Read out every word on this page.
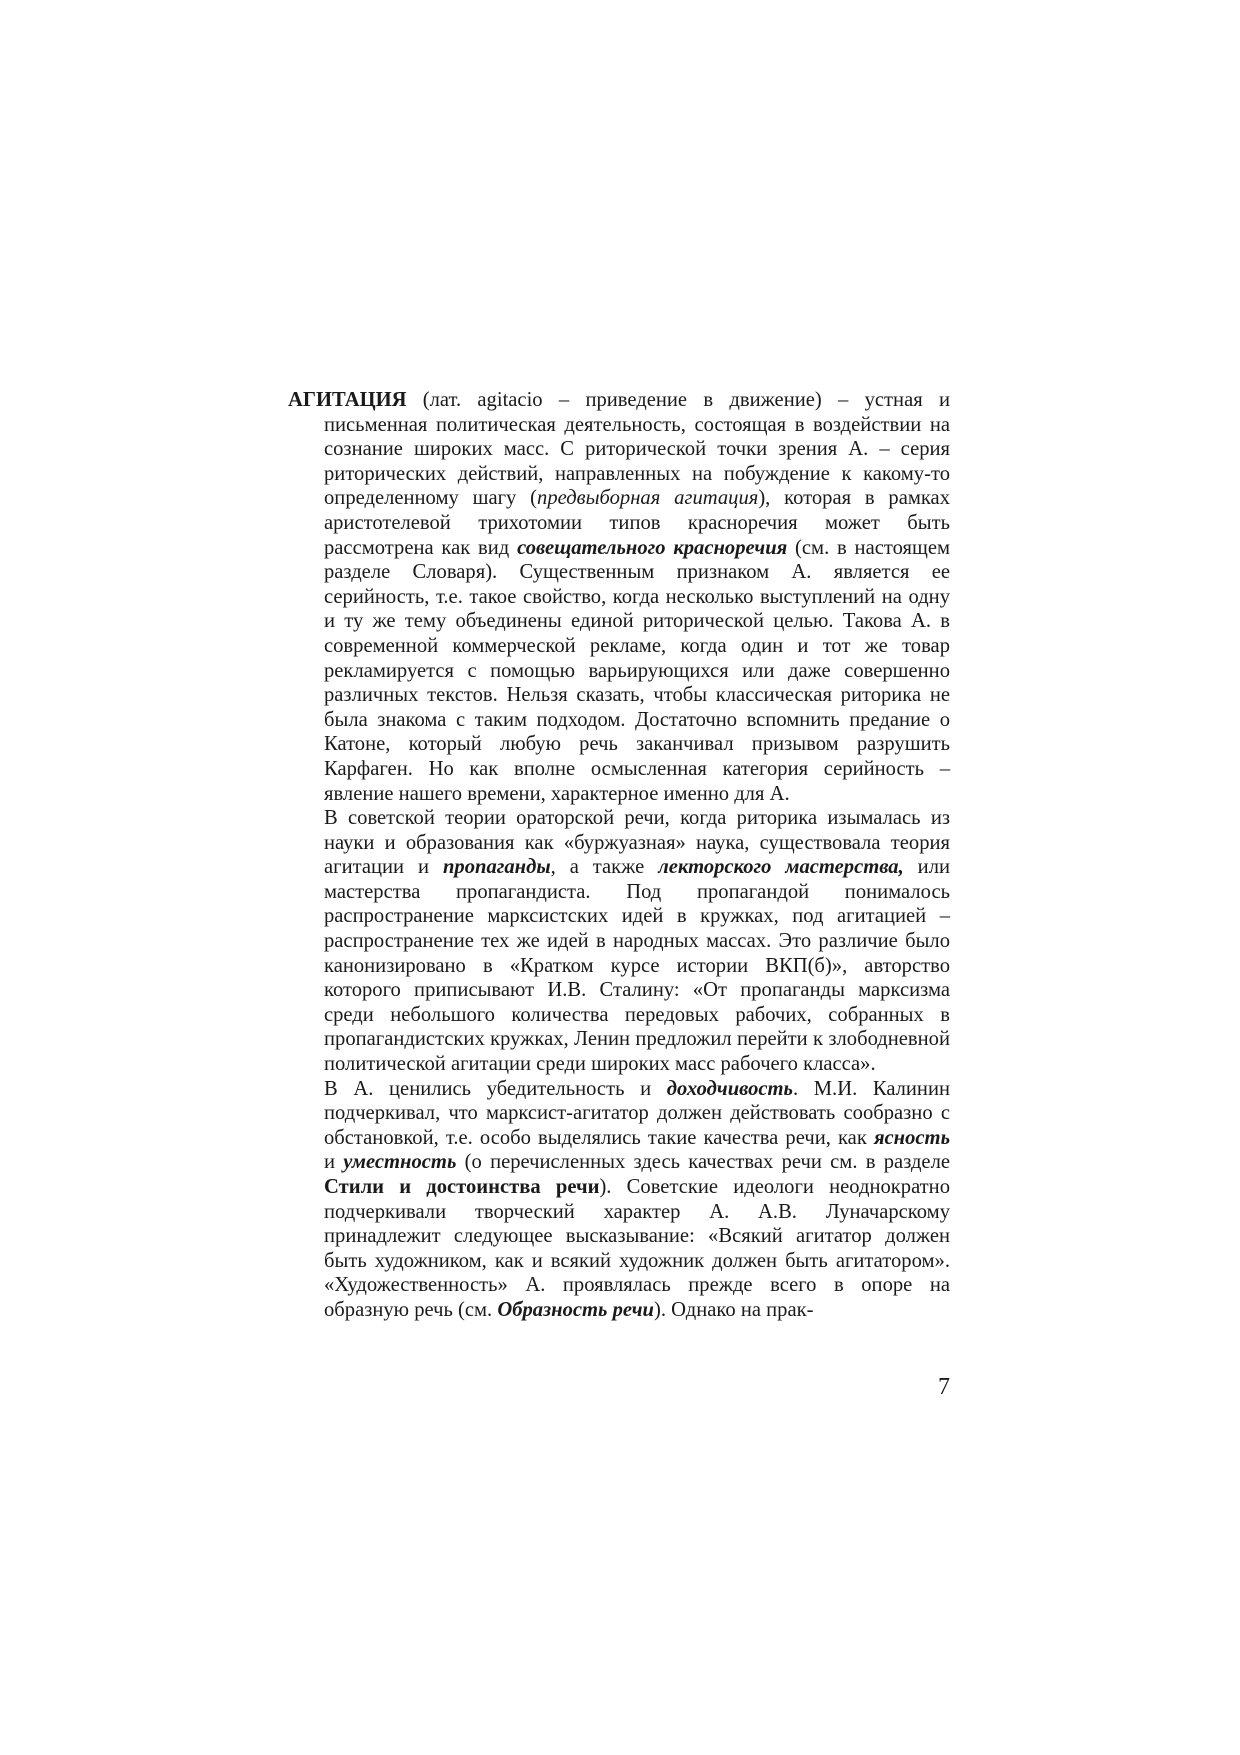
АГИТАЦИЯ (лат. agitacio – приведение в движение) – устная и письменная политическая деятельность, состоящая в воздействии на сознание широких масс. С риторической точки зрения А. – серия риторических действий, направленных на побуждение к какому-то определенному шагу (предвыборная агитация), которая в рамках аристотелевой трихотомии типов красноречия может быть рассмотрена как вид совещательного красноречия (см. в настоящем разделе Словаря). Существенным признаком А. является ее серийность, т.е. такое свойство, когда несколько выступлений на одну и ту же тему объединены единой риторической целью. Такова А. в современной коммерческой рекламе, когда один и тот же товар рекламируется с помощью варьирующихся или даже совершенно различных текстов. Нельзя сказать, чтобы классическая риторика не была знакома с таким подходом. Достаточно вспомнить предание о Катоне, который любую речь заканчивал призывом разрушить Карфаген. Но как вполне осмысленная категория серийность – явление нашего времени, характерное именно для А.

В советской теории ораторской речи, когда риторика изымалась из науки и образования как «буржуазная» наука, существовала теория агитации и пропаганды, а также лекторского мастерства, или мастерства пропагандиста. Под пропагандой понималось распространение марксистских идей в кружках, под агитацией – распространение тех же идей в народных массах. Это различие было канонизировано в «Кратком курсе истории ВКП(б)», авторство которого приписывают И.В. Сталину: «От пропаганды марксизма среди небольшого количества передовых рабочих, собранных в пропагандистских кружках, Ленин предложил перейти к злободневной политической агитации среди широких масс рабочего класса».

В А. ценились убедительность и доходчивость. М.И. Калинин подчеркивал, что марксист-агитатор должен действовать сообразно с обстановкой, т.е. особо выделялись такие качества речи, как ясность и уместность (о перечисленных здесь качествах речи см. в разделе Стили и достоинства речи). Советские идеологи неоднократно подчеркивали творческий характер А. А.В. Луначарскому принадлежит следующее высказывание: «Всякий агитатор должен быть художником, как и всякий художник должен быть агитатором». «Художественность» А. проявлялась прежде всего в опоре на образную речь (см. Образность речи). Однако на прак-

7
